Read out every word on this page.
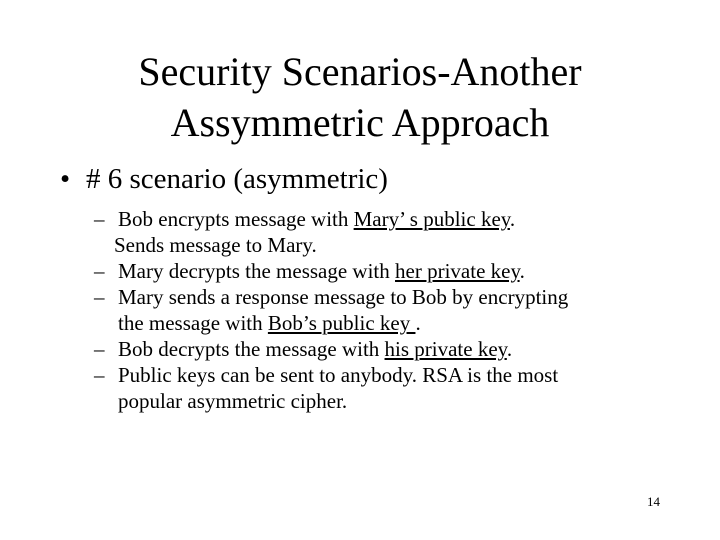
Security Scenarios-Another
Assymmetric Approach
• # 6 scenario (asymmetric)
– Bob encrypts message with Mary’ s public key.
Sends message to Mary.
– Mary decrypts the message with her private key.
– Mary sends a response message to Bob by encrypting
the message with Bob’s public key .
– Bob decrypts the message with his private key.
– Public keys can be sent to anybody. RSA is the most
popular asymmetric cipher.
14
